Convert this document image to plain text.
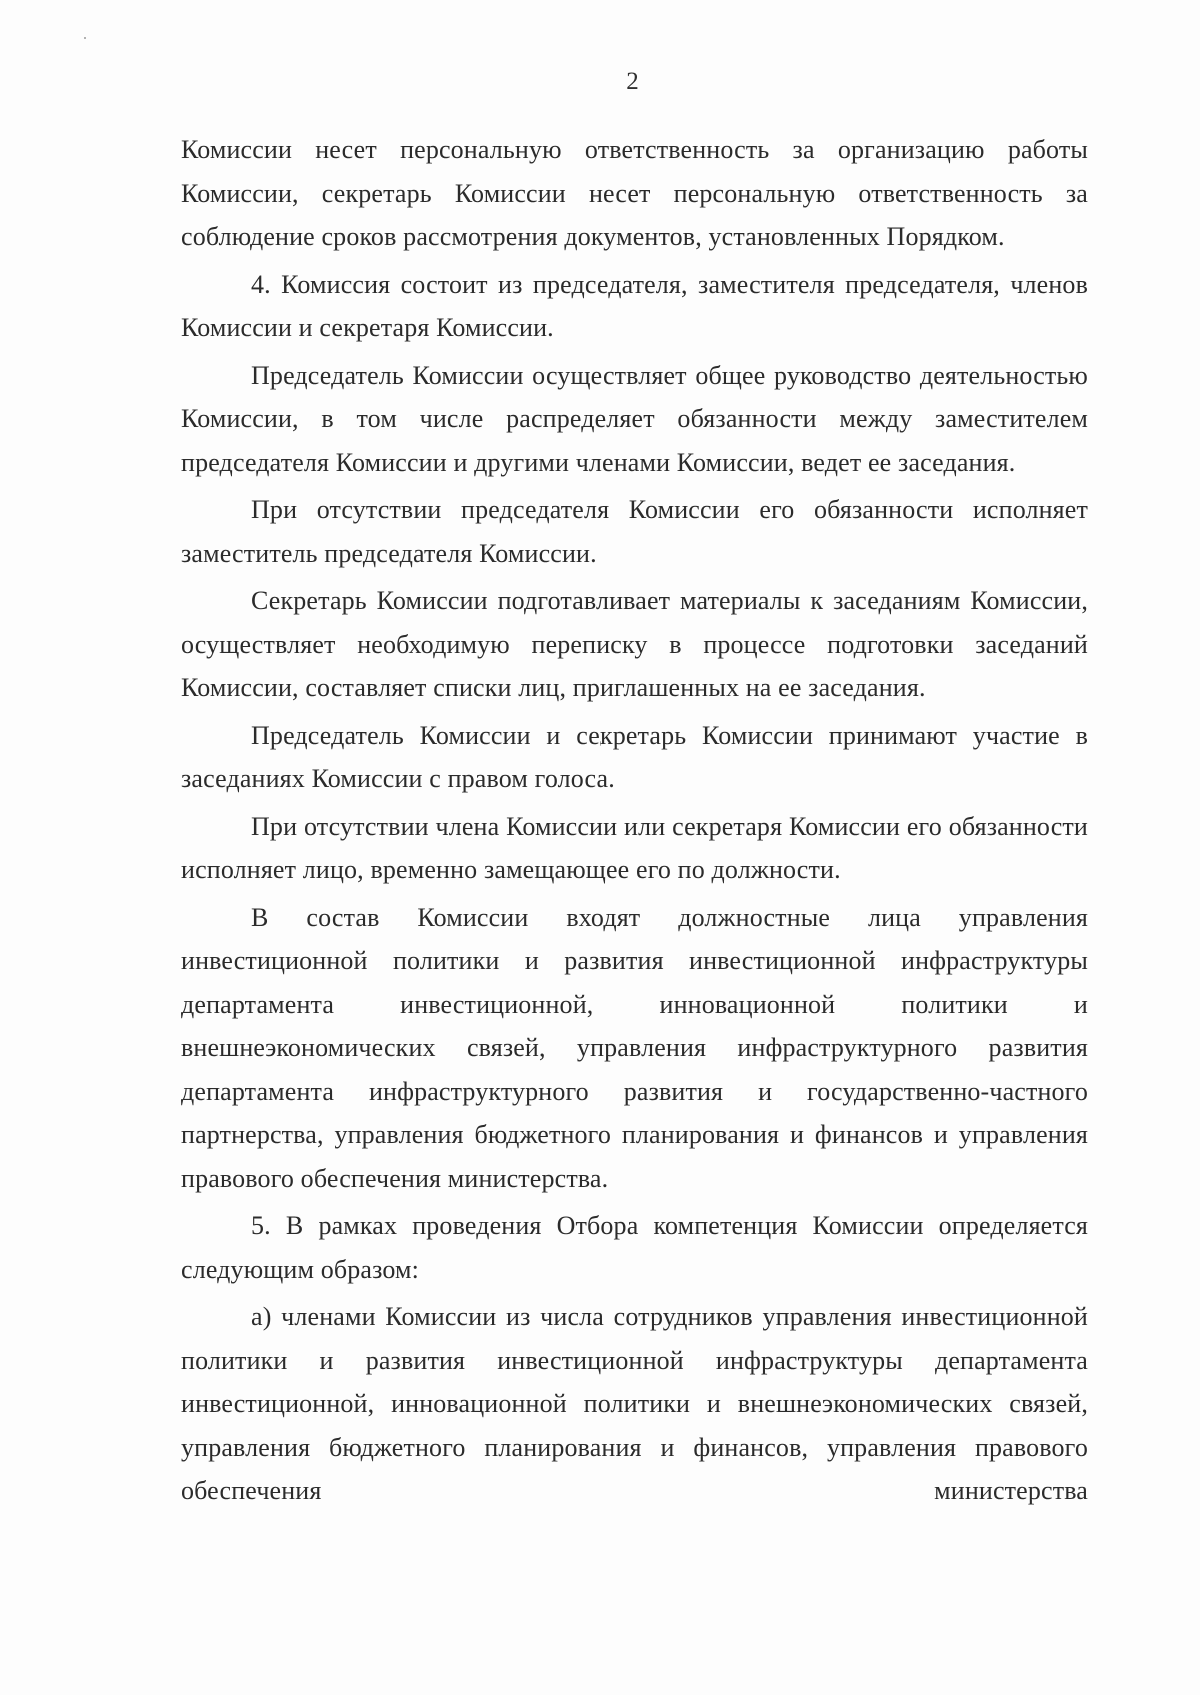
2

Комиссии несет персональную ответственность за организацию работы Комиссии, секретарь Комиссии несет персональную ответственность за соблюдение сроков рассмотрения документов, установленных Порядком.

4. Комиссия состоит из председателя, заместителя председателя, членов Комиссии и секретаря Комиссии.

Председатель Комиссии осуществляет общее руководство деятельностью Комиссии, в том числе распределяет обязанности между заместителем председателя Комиссии и другими членами Комиссии, ведет ее заседания.

При отсутствии председателя Комиссии его обязанности исполняет заместитель председателя Комиссии.

Секретарь Комиссии подготавливает материалы к заседаниям Комиссии, осуществляет необходимую переписку в процессе подготовки заседаний Комиссии, составляет списки лиц, приглашенных на ее заседания.

Председатель Комиссии и секретарь Комиссии принимают участие в заседаниях Комиссии с правом голоса.

При отсутствии члена Комиссии или секретаря Комиссии его обязанности исполняет лицо, временно замещающее его по должности.

В состав Комиссии входят должностные лица управления инвестиционной политики и развития инвестиционной инфраструктуры департамента инвестиционной, инновационной политики и внешнеэкономических связей, управления инфраструктурного развития департамента инфраструктурного развития и государственно-частного партнерства, управления бюджетного планирования и финансов и управления правового обеспечения министерства.

5. В рамках проведения Отбора компетенция Комиссии определяется следующим образом:

а) членами Комиссии из числа сотрудников управления инвестиционной политики и развития инвестиционной инфраструктуры департамента инвестиционной, инновационной политики и внешнеэкономических связей, управления бюджетного планирования и финансов, управления правового обеспечения министерства
